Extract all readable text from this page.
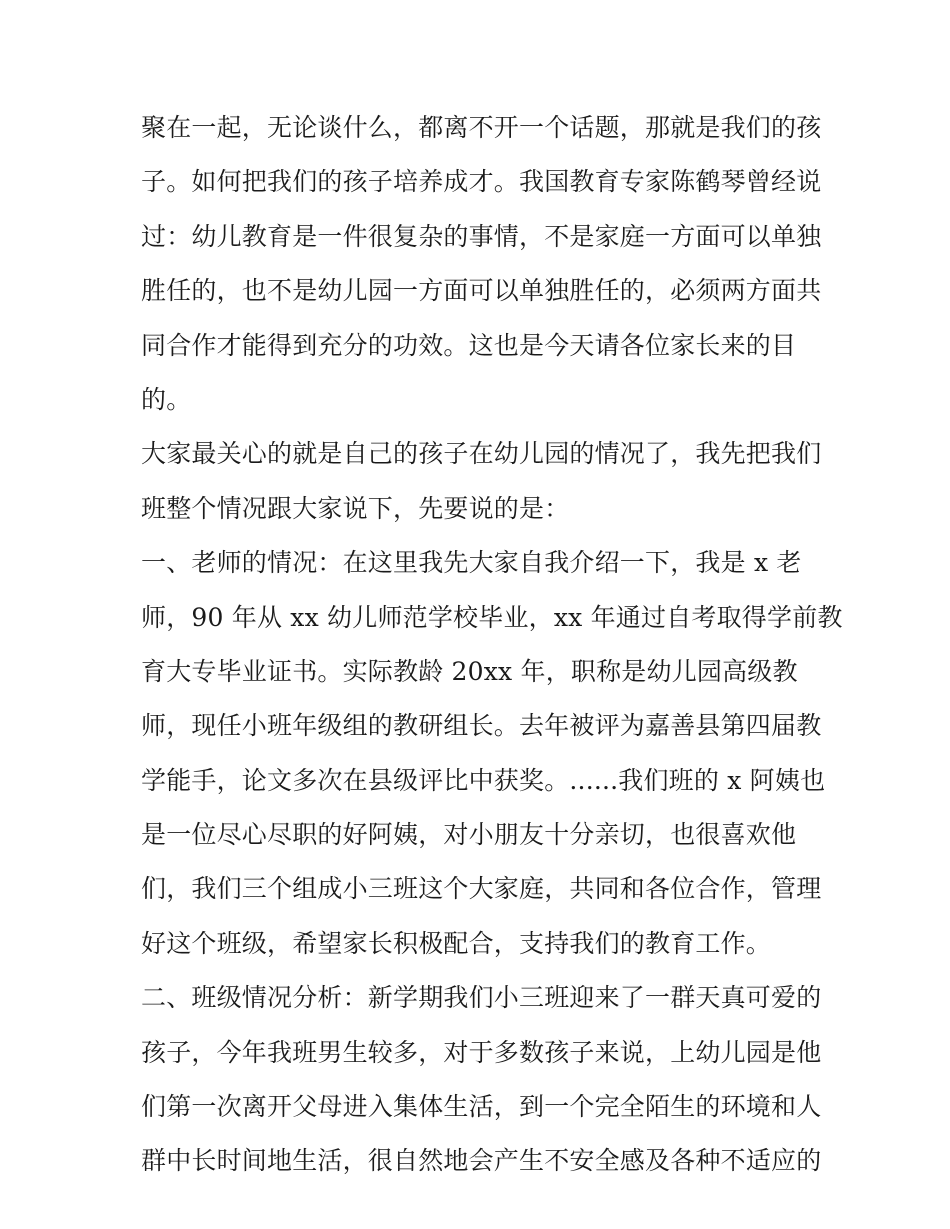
聚在一起，无论谈什么，都离不开一个话题，那就是我们的孩
子。如何把我们的孩子培养成才。我国教育专家陈鹤琴曾经说
过：幼儿教育是一件很复杂的事情，不是家庭一方面可以单独
胜任的，也不是幼儿园一方面可以单独胜任的，必须两方面共
同合作才能得到充分的功效。这也是今天请各位家长来的目
的。
大家最关心的就是自己的孩子在幼儿园的情况了，我先把我们
班整个情况跟大家说下，先要说的是：
一、老师的情况：在这里我先大家自我介绍一下，我是 x 老
师，90 年从 xx 幼儿师范学校毕业，xx 年通过自考取得学前教
育大专毕业证书。实际教龄 20xx 年，职称是幼儿园高级教
师，现任小班年级组的教研组长。去年被评为嘉善县第四届教
学能手，论文多次在县级评比中获奖。......我们班的 x 阿姨也
是一位尽心尽职的好阿姨，对小朋友十分亲切，也很喜欢他
们，我们三个组成小三班这个大家庭，共同和各位合作，管理
好这个班级，希望家长积极配合，支持我们的教育工作。
二、班级情况分析：新学期我们小三班迎来了一群天真可爱的
孩子，今年我班男生较多，对于多数孩子来说，上幼儿园是他
们第一次离开父母进入集体生活，到一个完全陌生的环境和人
群中长时间地生活，很自然地会产生不安全感及各种不适应的
